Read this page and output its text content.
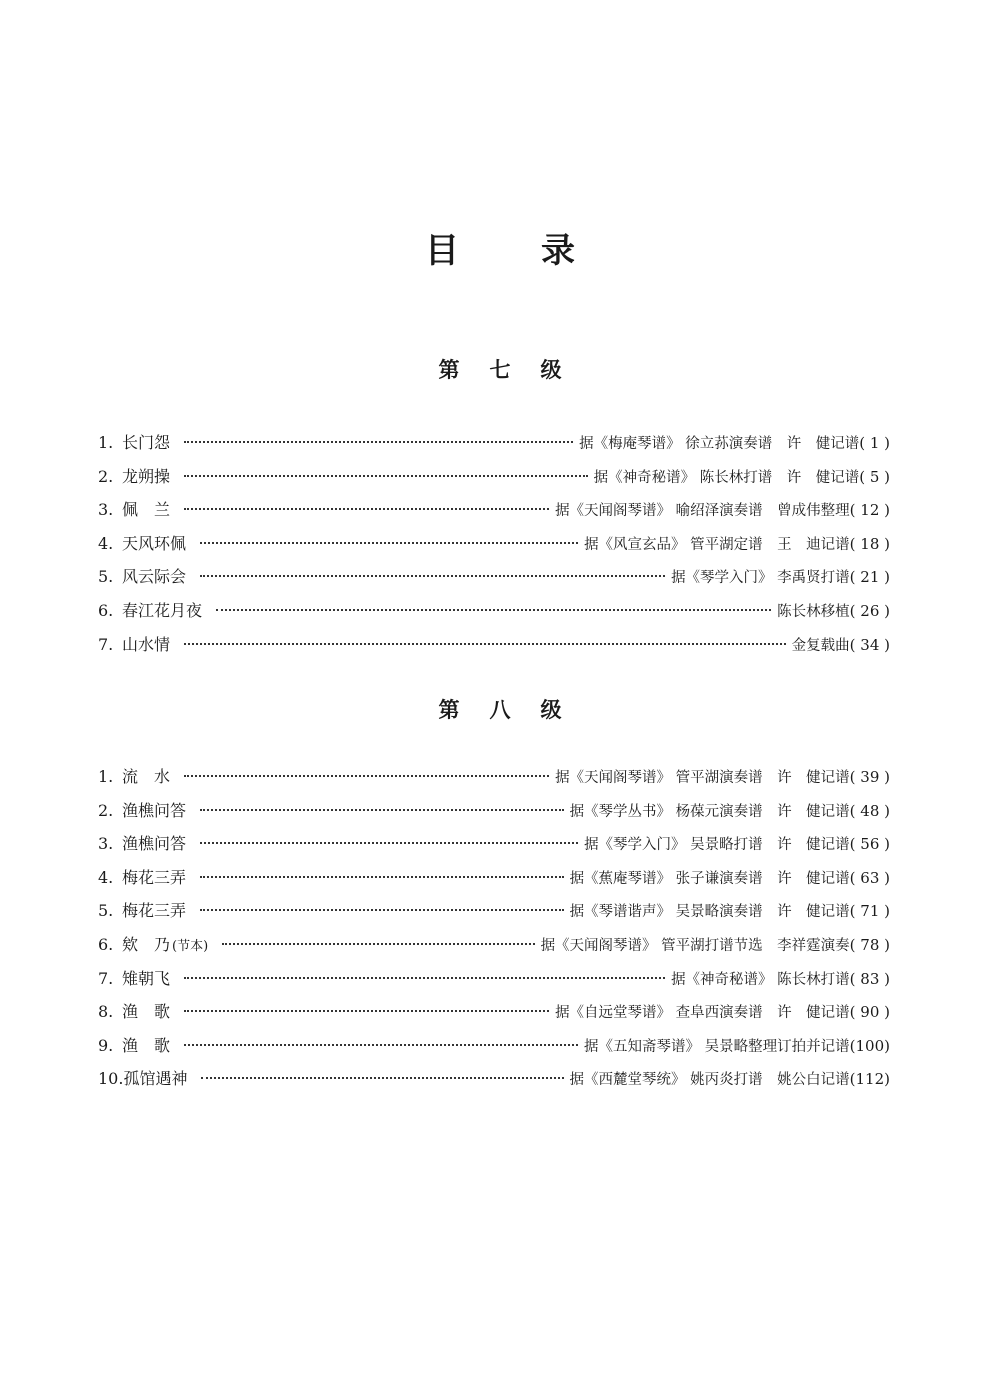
目录
第七级
1. 长门怨	据《梅庵琴谱》 徐立荪演奏谱　许　健记谱 ( 1 )
2. 龙朔操	据《神奇秘谱》 陈长林打谱　许　健记谱 ( 5 )
3. 佩　兰	据《天闻阁琴谱》 喻绍泽演奏谱　曾成伟整理 ( 12 )
4. 天风环佩	据《风宣玄品》 管平湖定谱　王　迪记谱 ( 18 )
5. 风云际会	据《琴学入门》 李禹贤打谱 ( 21 )
6. 春江花月夜	陈长林移植 ( 26 )
7. 山水情	金复载曲 ( 34 )
第八级
1. 流　水	据《天闻阁琴谱》 管平湖演奏谱　许　健记谱 ( 39 )
2. 渔樵问答	据《琴学丛书》 杨葆元演奏谱　许　健记谱 ( 48 )
3. 渔樵问答	据《琴学入门》 吴景略打谱　许　健记谱 ( 56 )
4. 梅花三弄	据《蕉庵琴谱》 张子谦演奏谱　许　健记谱 ( 63 )
5. 梅花三弄	据《琴谱谐声》 吴景略演奏谱　许　健记谱 ( 71 )
6. 欸　乃 (节本)	据《天闻阁琴谱》 管平湖打谱节选　李祥霆演奏 ( 78 )
7. 雉朝飞	据《神奇秘谱》 陈长林打谱 ( 83 )
8. 渔　歌	据《自远堂琴谱》 查阜西演奏谱　许　健记谱 ( 90 )
9. 渔　歌	据《五知斋琴谱》 吴景略整理订拍并记谱 (100)
10. 孤馆遇神	据《西麓堂琴统》 姚丙炎打谱　姚公白记谱 (112)
